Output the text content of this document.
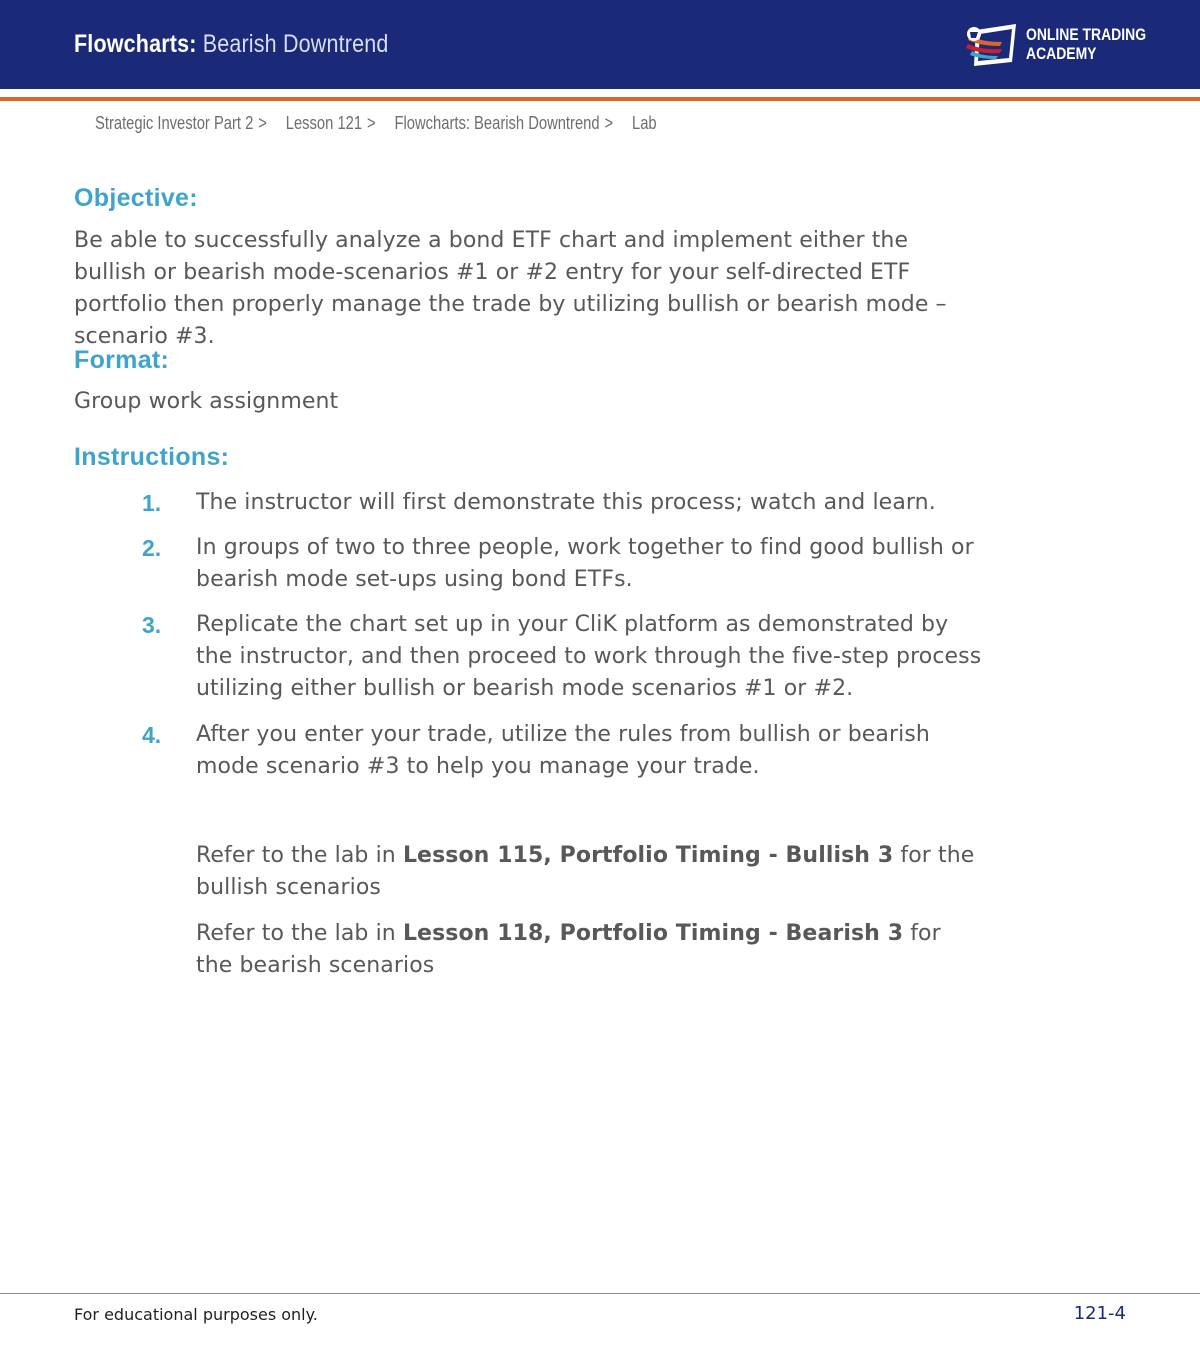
Flowcharts: Bearish Downtrend	ONLINE TRADING
ACADEMY
Strategic Investor Part 2 > Lesson 121 > Flowcharts: Bearish Downtrend > Lab
Objective:

Be able to successfully analyze a bond ETF chart and implement either the bullish or bearish mode-scenarios #1 or #2 entry for your self-directed ETF portfolio then properly manage the trade by utilizing bullish or bearish mode – scenario #3.

Format:

Group work assignment

Instructions:
1. The instructor will first demonstrate this process; watch and learn.

2. In groups of two to three people, work together to find good bullish or bearish mode set-ups using bond ETFs.

3. Replicate the chart set up in your CliK platform as demonstrated by the instructor, and then proceed to work through the five-step process utilizing either bullish or bearish mode scenarios #1 or #2.

4. After you enter your trade, utilize the rules from bullish or bearish mode scenario #3 to help you manage your trade.

Refer to the lab in Lesson 115, Portfolio Timing - Bullish 3 for the bullish scenarios

Refer to the lab in Lesson 118, Portfolio Timing - Bearish 3 for the bearish scenarios

For educational purposes only.	121-4
